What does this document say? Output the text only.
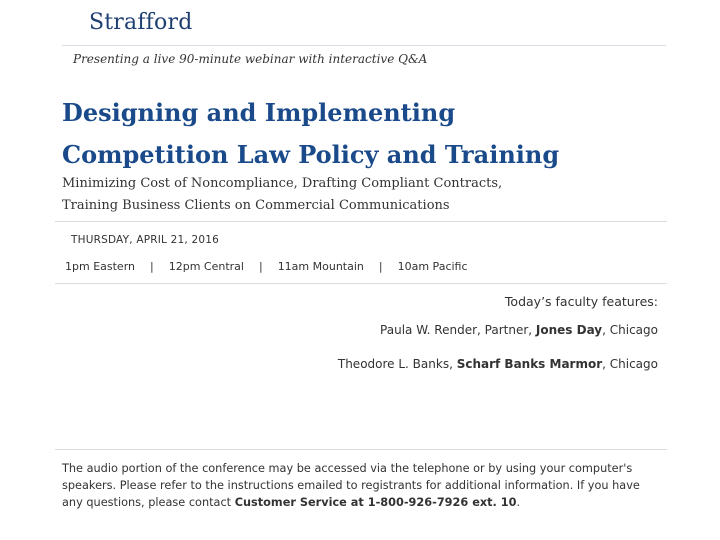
Strafford
Presenting a live 90-minute webinar with interactive Q&A
Designing and Implementing
Competition Law Policy and Training
Minimizing Cost of Noncompliance, Drafting Compliant Contracts,
Training Business Clients on Commercial Communications
THURSDAY, APRIL 21, 2016
1pm Eastern | 12pm Central | 11am Mountain | 10am Pacific
Today’s faculty features:
Paula W. Render, Partner, Jones Day, Chicago
Theodore L. Banks, Scharf Banks Marmor, Chicago
The audio portion of the conference may be accessed via the telephone or by using your computer's speakers. Please refer to the instructions emailed to registrants for additional information. If you have any questions, please contact Customer Service at 1-800-926-7926 ext. 10.
